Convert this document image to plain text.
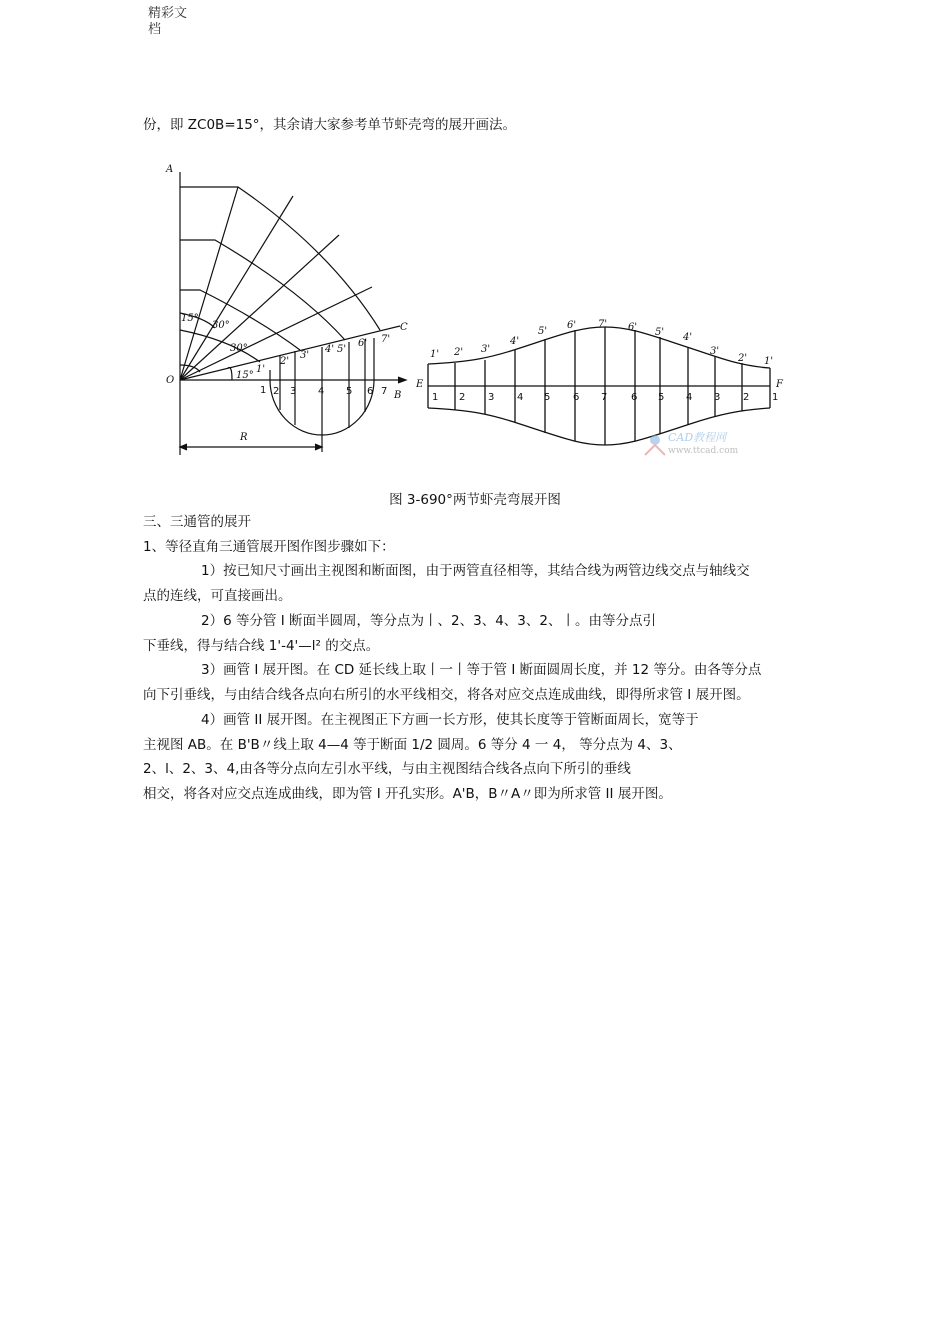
精彩文
档
份，即 ZC0B=15°，其余请大家参考单节虾壳弯的展开画法。
A
O
C
B
R
15°
30°
30°
15°
1'
2'
3'
4' 5'
6' 7'
1 2 3 4 5 6 7
E	F
1' 2' 3'
4'
5'
6' 7' 6' 5' 4'
3'
2' 1'
1 2 3 4 5 6 7 6 5 4 3 2 1
CAD教程网
www.ttcad.com
图 3-690°两节虾壳弯展开图
三、三通管的展开
1、等径直角三通管展开图作图步骤如下：
1）按已知尺寸画出主视图和断面图，由于两管直径相等，其结合线为两管边线交点与轴线交
点的连线，可直接画出。
2）6 等分管 I 断面半圆周，等分点为丨、2、3、4、3、2、丨。由等分点引
下垂线，得与结合线 1'-4'—l² 的交点。
3）画管 I 展开图。在 CD 延长线上取丨一丨等于管 I 断面圆周长度，并 12 等分。由各等分点
向下引垂线，与由结合线各点向右所引的水平线相交，将各对应交点连成曲线，即得所求管 I 展开图。
4）画管 II 展开图。在主视图正下方画一长方形，使其长度等于管断面周长，宽等于
主视图 AB。在 B'B〃线上取 4—4 等于断面 1/2 圆周。6 等分 4 一 4， 等分点为 4、3、
2、l、2、3、4,由各等分点向左引水平线，与由主视图结合线各点向下所引的垂线
相交，将各对应交点连成曲线，即为管 I 开孔实形。A'B，B〃A〃即为所求管 II 展开图。
